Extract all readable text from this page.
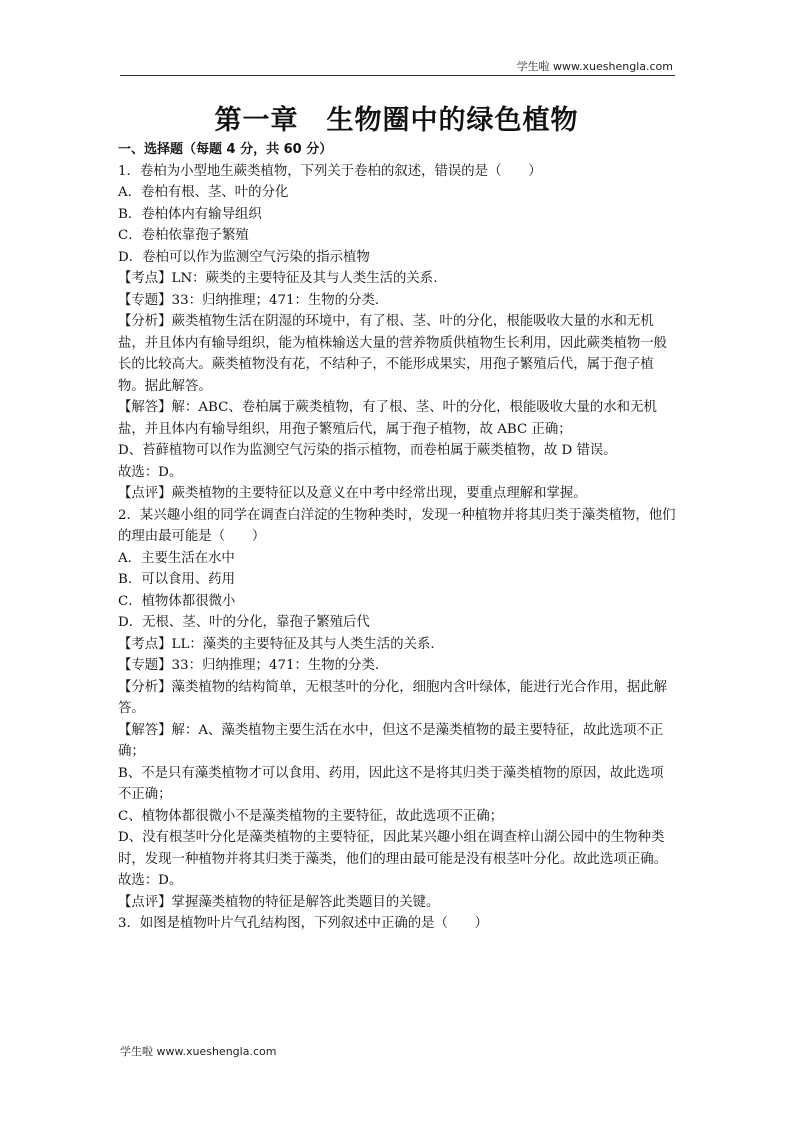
学生啦 www.xueshengla.com
第一章　生物圈中的绿色植物

一、选择题（每题 4 分，共 60 分）

1．卷柏为小型地生蕨类植物，下列关于卷柏的叙述，错误的是（　　）

A．卷柏有根、茎、叶的分化

B．卷柏体内有输导组织

C．卷柏依靠孢子繁殖

D．卷柏可以作为监测空气污染的指示植物

【考点】LN：蕨类的主要特征及其与人类生活的关系.

【专题】33：归纳推理；471：生物的分类.

【分析】蕨类植物生活在阴湿的环境中，有了根、茎、叶的分化，根能吸收大量的水和无机盐，并且体内有输导组织，能为植株输送大量的营养物质供植物生长利用，因此蕨类植物一般长的比较高大。蕨类植物没有花，不结种子，不能形成果实，用孢子繁殖后代，属于孢子植物。据此解答。

【解答】解：ABC、卷柏属于蕨类植物，有了根、茎、叶的分化，根能吸收大量的水和无机盐，并且体内有输导组织，用孢子繁殖后代，属于孢子植物，故 ABC 正确；

D、苔藓植物可以作为监测空气污染的指示植物，而卷柏属于蕨类植物，故 D 错误。

故选：D。

【点评】蕨类植物的主要特征以及意义在中考中经常出现，要重点理解和掌握。

2．某兴趣小组的同学在调查白洋淀的生物种类时，发现一种植物并将其归类于藻类植物，他们的理由最可能是（　　）

A．主要生活在水中

B．可以食用、药用

C．植物体都很微小

D．无根、茎、叶的分化，靠孢子繁殖后代

【考点】LL：藻类的主要特征及其与人类生活的关系.

【专题】33：归纳推理；471：生物的分类.

【分析】藻类植物的结构简单，无根茎叶的分化，细胞内含叶绿体，能进行光合作用，据此解答。

【解答】解：A、藻类植物主要生活在水中，但这不是藻类植物的最主要特征，故此选项不正确；

B、不是只有藻类植物才可以食用、药用，因此这不是将其归类于藻类植物的原因，故此选项不正确；

C、植物体都很微小不是藻类植物的主要特征，故此选项不正确；

D、没有根茎叶分化是藻类植物的主要特征，因此某兴趣小组在调查梓山湖公园中的生物种类时，发现一种植物并将其归类于藻类，他们的理由最可能是没有根茎叶分化。故此选项正确。

故选：D。

【点评】掌握藻类植物的特征是解答此类题目的关键。

3．如图是植物叶片气孔结构图，下列叙述中正确的是（　　）

学生啦 www.xueshengla.com
